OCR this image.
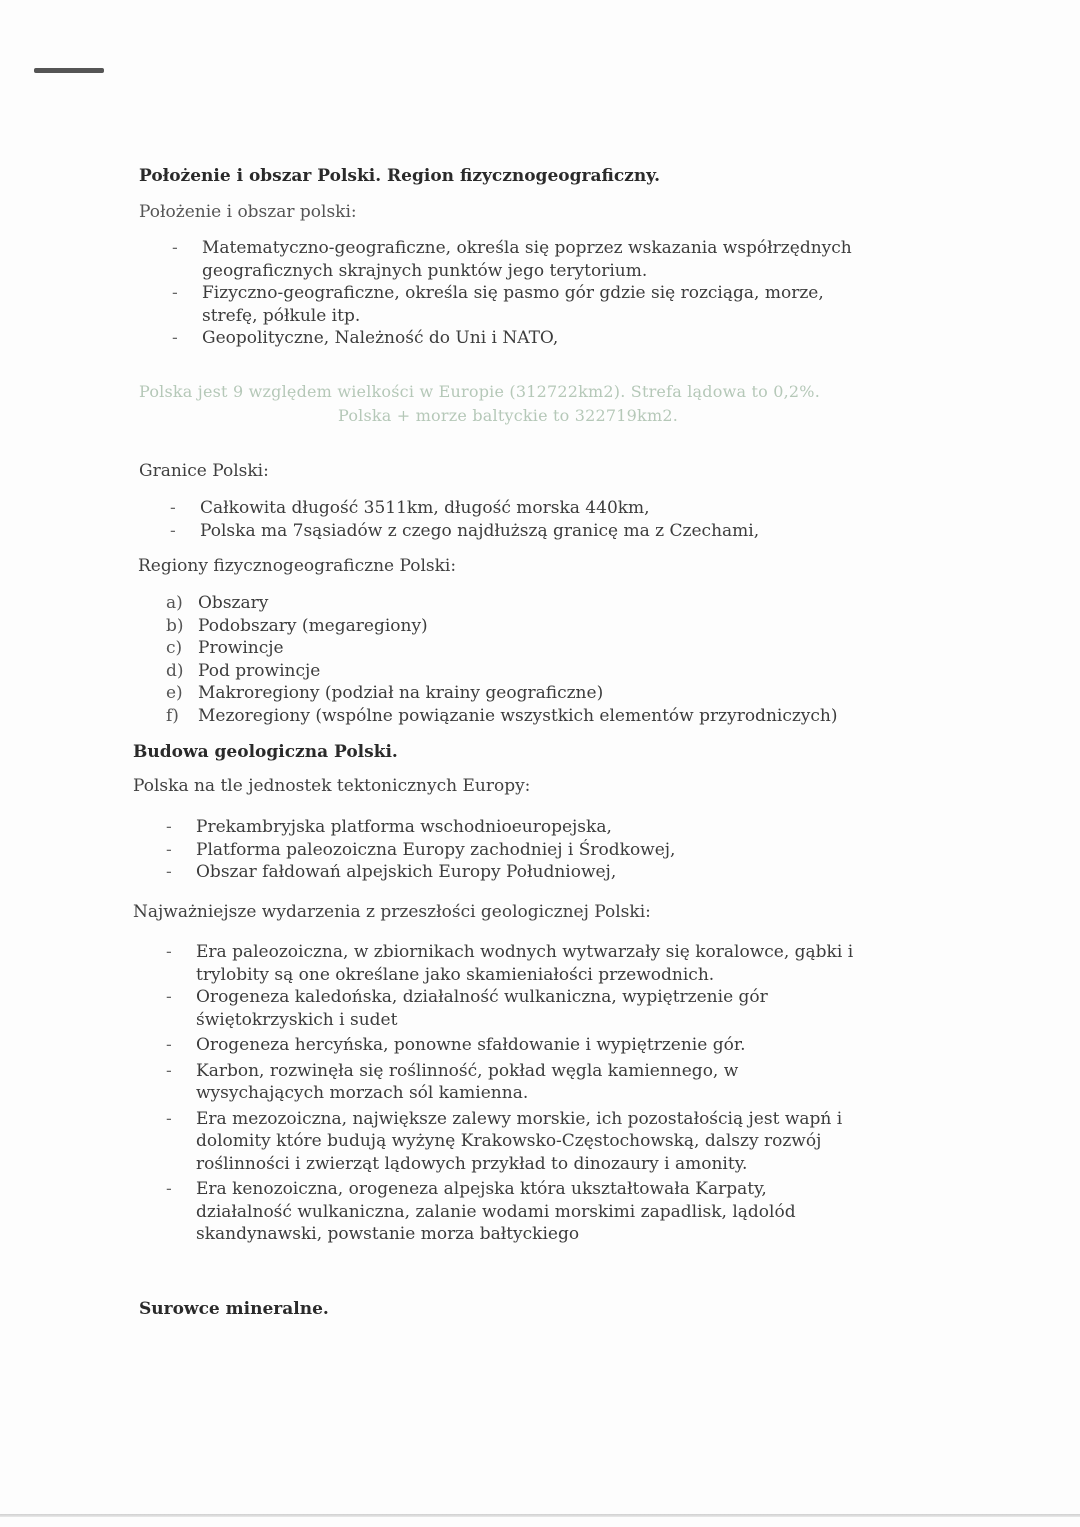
Położenie i obszar Polski. Region fizycznogeograficzny.

Położenie i obszar polski:

- Matematyczno-geograficzne, określa się poprzez wskazania współrzędnych
geograficznych skrajnych punktów jego terytorium.
- Fizyczno-geograficzne, określa się pasmo gór gdzie się rozciąga, morze,
strefę, półkule itp.
- Geopolityczne, Należność do Uni i NATO,

Polska jest 9 względem wielkości w Europie (312722km2). Strefa lądowa to 0,2%.

Polska + morze baltyckie to 322719km2.

Granice Polski:

- Całkowita długość 3511km, długość morska 440km,
- Polska ma 7sąsiadów z czego najdłuższą granicę ma z Czechami,

Regiony fizycznogeograficzne Polski:

a) Obszary
b) Podobszary (megaregiony)
c) Prowincje
d) Pod prowincje
e) Makroregiony (podział na krainy geograficzne)
f) Mezoregiony (wspólne powiązanie wszystkich elementów przyrodniczych)
Budowa geologiczna Polski.

Polska na tle jednostek tektonicznych Europy:

- Prekambryjska platforma wschodnioeuropejska,
- Platforma paleozoiczna Europy zachodniej i Środkowej,
- Obszar fałdowań alpejskich Europy Południowej,

Najważniejsze wydarzenia z przeszłości geologicznej Polski:

- Era paleozoiczna, w zbiornikach wodnych wytwarzały się koralowce, gąbki i
trylobity są one określane jako skamieniałości przewodnich.
- Orogeneza kaledońska, działalność wulkaniczna, wypiętrzenie gór
świętokrzyskich i sudet
- Orogeneza hercyńska, ponowne sfałdowanie i wypiętrzenie gór.
- Karbon, rozwinęła się roślinność, pokład węgla kamiennego, w
wysychających morzach sól kamienna.
- Era mezozoiczna, największe zalewy morskie, ich pozostałością jest wapń i
dolomity które budują wyżynę Krakowsko-Częstochowską, dalszy rozwój
roślinności i zwierząt lądowych przykład to dinozaury i amonity.
- Era kenozoiczna, orogeneza alpejska która ukształtowała Karpaty,
działalność wulkaniczna, zalanie wodami morskimi zapadlisk, lądolód
skandynawski, powstanie morza bałtyckiego
Surowce mineralne.
